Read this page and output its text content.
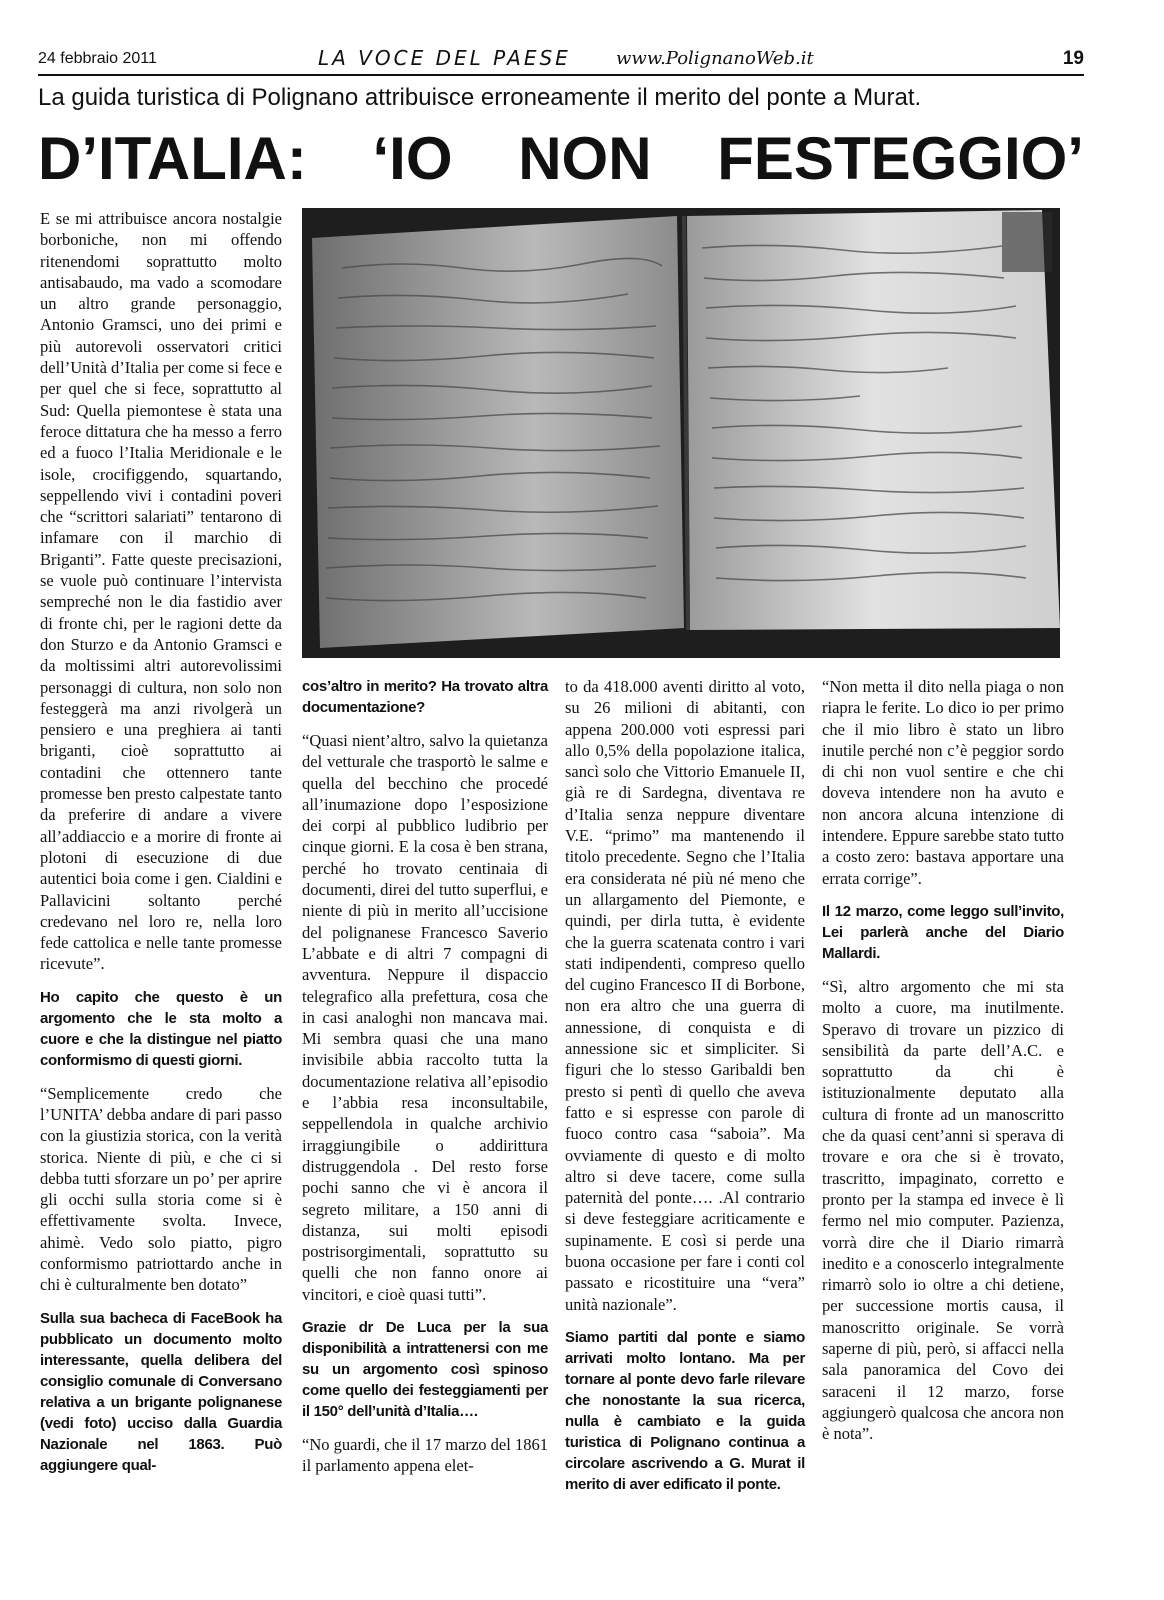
24 febbraio 2011	LA VOCE DEL PAESE	www.PolignanoWeb.it	19
La guida turistica di Polignano attribuisce erroneamente il merito del ponte a Murat.
D’ITALIA: ‘IO NON FESTEGGIO’

E se mi attribuisce ancora nostalgie borboniche, non mi offendo ritenendomi soprattutto molto antisabaudo, ma vado a scomodare un altro grande personaggio, Antonio Gramsci, uno dei primi e più autorevoli osservatori critici dell’Unità d’Italia per come si fece e per quel che si fece, soprattutto al Sud: Quella piemontese è stata una feroce dittatura che ha messo a ferro ed a fuoco l’Italia Meridionale e le isole, crocifiggendo, squartando, seppellendo vivi i contadini poveri che “scrittori salariati” tentarono di infamare con il marchio di Briganti”. Fatte queste precisazioni, se vuole può continuare l’intervista sempreché non le dia fastidio aver di fronte chi, per le ragioni dette da don Sturzo e da Antonio Gramsci e da moltissimi altri autorevolissimi personaggi di cultura, non solo non festeggerà ma anzi rivolgerà un pensiero e una preghiera ai tanti briganti, cioè soprattutto ai contadini che ottennero tante promesse ben presto calpestate tanto da preferire di andare a vivere all’addiaccio e a morire di fronte ai plotoni di esecuzione di due autentici boia come i gen. Cialdini e Pallavicini soltanto perché credevano nel loro re, nella loro fede cattolica e nelle tante promesse ricevute”.

Ho capito che questo è un argomento che le sta molto a cuore e che la distingue nel piatto conformismo di questi giorni.

“Semplicemente credo che l’UNITA’ debba andare di pari passo con la giustizia storica, con la verità storica. Niente di più, e che ci si debba tutti sforzare un po’ per aprire gli occhi sulla storia come si è effettivamente svolta. Invece, ahimè. Vedo solo piatto, pigro conformismo patriottardo anche in chi è culturalmente ben dotato”

Sulla sua bacheca di FaceBook ha pubblicato un documento molto interessante, quella delibera del consiglio comunale di Conversano relativa a un brigante polignanese (vedi foto) ucciso dalla Guardia Nazionale nel 1863. Può aggiungere qual-

cos’altro in merito? Ha trovato altra documentazione?

“Quasi nient’altro, salvo la quietanza del vetturale che trasportò le salme e quella del becchino che procedé all’inumazione dopo l’esposizione dei corpi al pubblico ludibrio per cinque giorni. E la cosa è ben strana, perché ho trovato centinaia di documenti, direi del tutto superflui, e niente di più in merito all’uccisione del polignanese Francesco Saverio L’abbate e di altri 7 compagni di avventura. Neppure il dispaccio telegrafico alla prefettura, cosa che in casi analoghi non mancava mai. Mi sembra quasi che una mano invisibile abbia raccolto tutta la documentazione relativa all’episodio e l’abbia resa inconsultabile, seppellendola in qualche archivio irraggiungibile o addirittura distruggendola . Del resto forse pochi sanno che vi è ancora il segreto militare, a 150 anni di distanza, sui molti episodi postrisorgimentali, soprattutto su quelli che non fanno onore ai vincitori, e cioè quasi tutti”.

Grazie dr De Luca per la sua disponibilità a intrattenersi con me su un argomento così spinoso come quello dei festeggiamenti per il 150° dell’unità d’Italia….

“No guardi, che il 17 marzo del 1861 il parlamento appena elet-

to da 418.000 aventi diritto al voto, su 26 milioni di abitanti, con appena 200.000 voti espressi pari allo 0,5% della popolazione italica, sancì solo che Vittorio Emanuele II, già re di Sardegna, diventava re d’Italia senza neppure diventare V.E. “primo” ma mantenendo il titolo precedente. Segno che l’Italia era considerata né più né meno che un allargamento del Piemonte, e quindi, per dirla tutta, è evidente che la guerra scatenata contro i vari stati indipendenti, compreso quello del cugino Francesco II di Borbone, non era altro che una guerra di annessione, di conquista e di annessione sic et simpliciter. Si figuri che lo stesso Garibaldi ben presto si pentì di quello che aveva fatto e si espresse con parole di fuoco contro casa “saboia”. Ma ovviamente di questo e di molto altro si deve tacere, come sulla paternità del ponte…. .Al contrario si deve festeggiare acriticamente e supinamente. E così si perde una buona occasione per fare i conti col passato e ricostituire una “vera” unità nazionale”.

Siamo partiti dal ponte e siamo arrivati molto lontano. Ma per tornare al ponte devo farle rilevare che nonostante la sua ricerca, nulla è cambiato e la guida turistica di Polignano continua a circolare ascrivendo a G. Murat il merito di aver edificato il ponte.

“Non metta il dito nella piaga o non riapra le ferite. Lo dico io per primo che il mio libro è stato un libro inutile perché non c’è peggior sordo di chi non vuol sentire e che chi doveva intendere non ha avuto e non ancora alcuna intenzione di intendere. Eppure sarebbe stato tutto a costo zero: bastava apportare una errata corrige”.

Il 12 marzo, come leggo sull’invito, Lei parlerà anche del Diario Mallardi.

“Sì, altro argomento che mi sta molto a cuore, ma inutilmente. Speravo di trovare un pizzico di sensibilità da parte dell’A.C. e soprattutto da chi è istituzionalmente deputato alla cultura di fronte ad un manoscritto che da quasi cent’anni si sperava di trovare e ora che si è trovato, trascritto, impaginato, corretto e pronto per la stampa ed invece è lì fermo nel mio computer. Pazienza, vorrà dire che il Diario rimarrà inedito e a conoscerlo integralmente rimarrò solo io oltre a chi detiene, per successione mortis causa, il manoscritto originale. Se vorrà saperne di più, però, si affacci nella sala panoramica del Covo dei saraceni il 12 marzo, forse aggiungerò qualcosa che ancora non è nota”.
